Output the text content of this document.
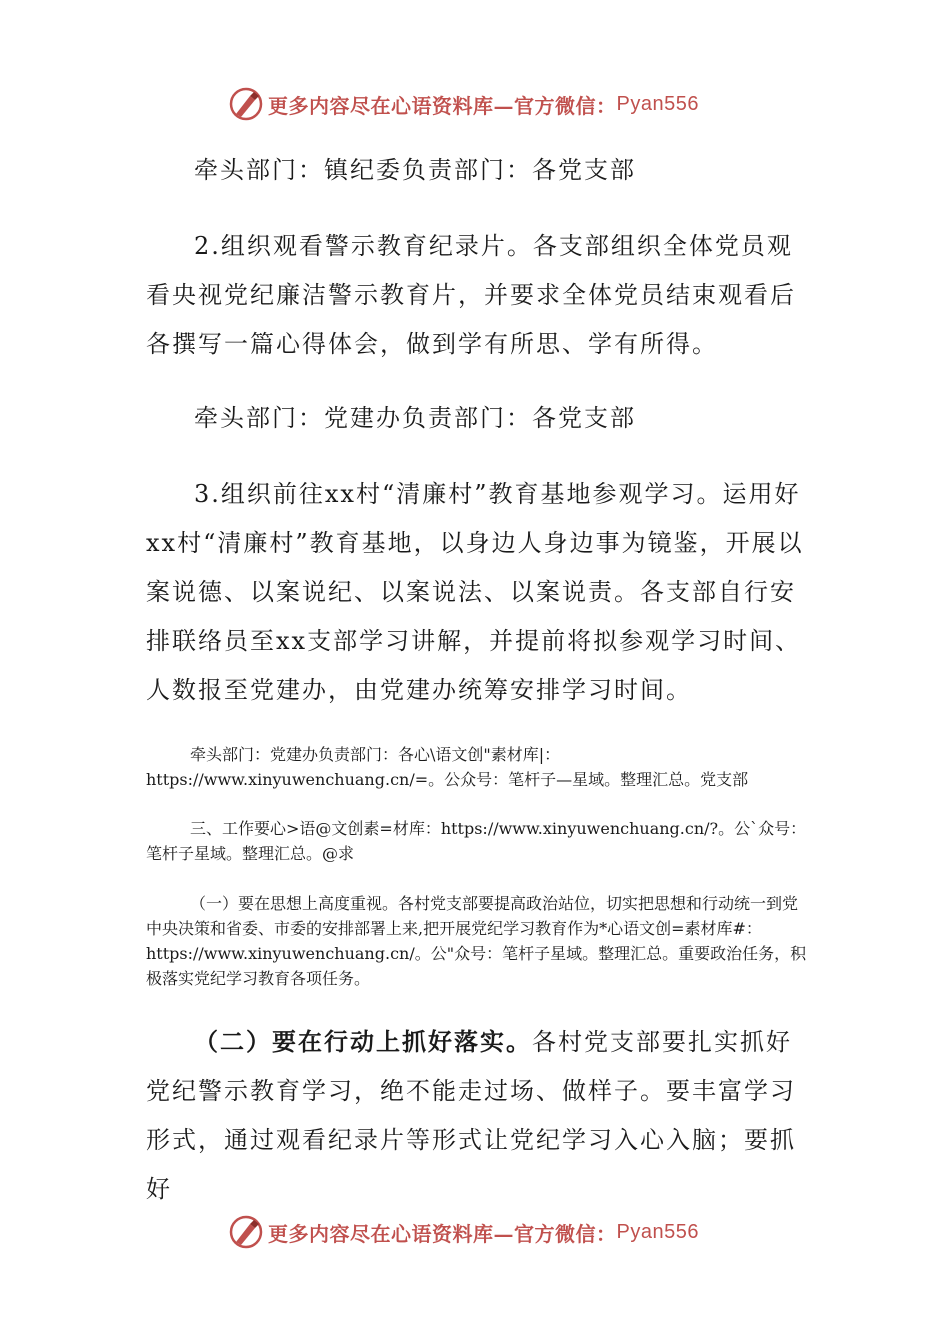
更多内容尽在心语资料库—官方微信： Pyan556

牵头部门：镇纪委负责部门：各党支部

2.组织观看警示教育纪录片。各支部组织全体党员观看央视党纪廉洁警示教育片，并要求全体党员结束观看后各撰写一篇心得体会，做到学有所思、学有所得。

牵头部门：党建办负责部门：各党支部

3.组织前往xx村“清廉村”教育基地参观学习。运用好xx村“清廉村”教育基地，以身边人身边事为镜鉴，开展以案说德、以案说纪、以案说法、以案说责。各支部自行安排联络员至xx支部学习讲解，并提前将拟参观学习时间、人数报至党建办，由党建办统筹安排学习时间。

牵头部门：党建办负责部门：各心\语文创"素材库|：https://www.xinyuwenchuang.cn/=。公众号：笔杆子—星域。整理汇总。党支部

三、工作要心>语@文创素=材库：https://www.xinyuwenchuang.cn/?。公`众号：笔杆子星域。整理汇总。@求

（一）要在思想上高度重视。各村党支部要提高政治站位，切实把思想和行动统一到党中央决策和省委、市委的安排部署上来,把开展党纪学习教育作为*心语文创=素材库#：https://www.xinyuwenchuang.cn/。公"众号：笔杆子星域。整理汇总。重要政治任务，积极落实党纪学习教育各项任务。

（二）要在行动上抓好落实。各村党支部要扎实抓好党纪警示教育学习，绝不能走过场、做样子。要丰富学习形式，通过观看纪录片等形式让党纪学习入心入脑；要抓好

更多内容尽在心语资料库—官方微信： Pyan556
